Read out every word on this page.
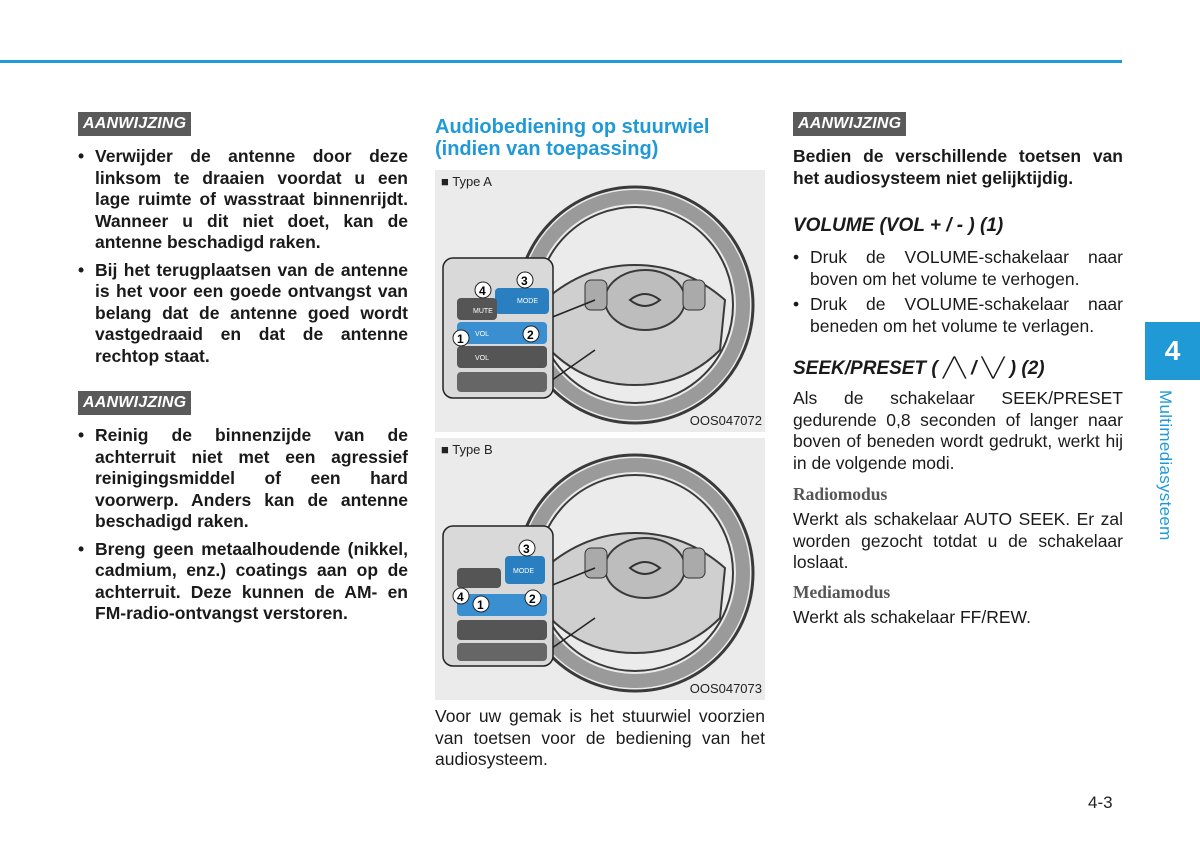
AANWIJZING
• Verwijder de antenne door deze linksom te draaien voordat u een lage ruimte of wasstraat binnenrijdt. Wanneer u dit niet doet, kan de antenne beschadigd raken.
• Bij het terugplaatsen van de antenne is het voor een goede ontvangst van belang dat de antenne goed wordt vastgedraaid en dat de antenne rechtop staat.
AANWIJZING
• Reinig de binnenzijde van de achterruit niet met een agressief reinigingsmiddel of een hard voorwerp. Anders kan de antenne beschadigd raken.
• Breng geen metaalhoudende (nikkel, cadmium, enz.) coatings aan op de achterruit. Deze kunnen de AM- en FM-radio-ontvangst verstoren.
Audiobediening op stuurwiel (indien van toepassing)
MUTE
MODE
VOL
VOL
4
3
1	2
■ Type A
OOS047072
MODE
3
4
1	2
■ Type B
OOS047073
Voor uw gemak is het stuurwiel voorzien van toetsen voor de bediening van het audiosysteem.
AANWIJZING
Bedien de verschillende toetsen van het audiosysteem niet gelijktijdig.
VOLUME (VOL + / - ) (1)
• Druk de VOLUME-schakelaar naar boven om het volume te verhogen.
• Druk de VOLUME-schakelaar naar beneden om het volume te verlagen.
SEEK/PRESET ( ╱╲ / ╲╱ ) (2)
Als de schakelaar SEEK/PRESET gedurende 0,8 seconden of langer naar boven of beneden wordt gedrukt, werkt hij in de volgende modi.
Radiomodus
Werkt als schakelaar AUTO SEEK. Er zal worden gezocht totdat u de schakelaar loslaat.
Mediamodus
Werkt als schakelaar FF/REW.
4
Multimediasysteem
4-3
